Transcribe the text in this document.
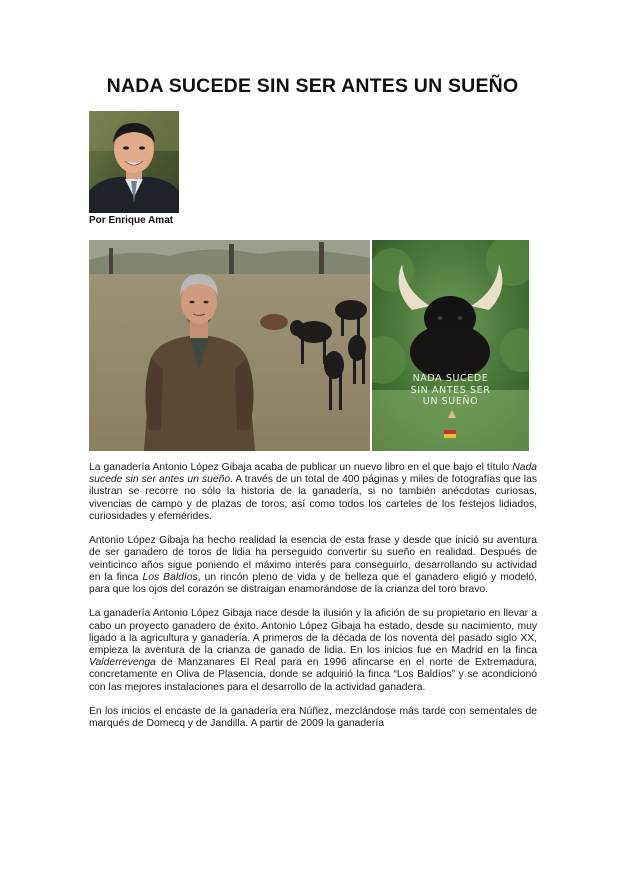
NADA SUCEDE SIN SER ANTES UN SUEÑO
Por Enrique Amat
NADA SUCEDE
SIN ANTES SER
UN SUEÑO

La ganadería Antonio López Gibaja acaba de publicar un nuevo libro en el que bajo el título Nada sucede sin ser antes un sueño. A través de un total de 400 páginas y miles de fotografías que las ilustran se recorre no sólo la historia de la ganadería, si no también anécdotas curiosas, vivencias de campo y de plazas de toros, así como todos los carteles de los festejos lidiados, curiosidades y efemérides.

Antonio López Gibaja ha hecho realidad la esencia de esta frase y desde que inició su aventura de ser ganadero de toros de lidia ha perseguido convertir su sueño en realidad. Después de veinticinco años sigue poniendo el máximo interés para conseguirlo, desarrollando su actividad en la finca Los Baldíos, un rincón pleno de vida y de belleza que el ganadero eligió y modeló, para que los ojos del corazón se distraigan enamorándose de la crianza del toro bravo.

La ganadería Antonio López Gibaja nace desde la ilusión y la afición de su propietario en llevar a cabo un proyecto ganadero de éxito. Antonio López Gibaja ha estado, desde su nacimiento, muy ligado a la agricultura y ganadería. A primeros de la década de los noventa del pasado siglo XX, empieza la aventura de la crianza de ganado de lidia. En los inicios fue en Madrid en la finca Valderrevenga de Manzanares El Real para en 1996 afincarse en el norte de Extremadura, concretamente en Oliva de Plasencia, donde se adquirió la finca “Los Baldíos” y se acondicionó con las mejores instalaciones para el desarrollo de la actividad ganadera.

En los inicios el encaste de la ganadería era Núñez, mezclándose más tarde con sementales de marqués de Domecq y de Jandilla. A partir de 2009 la ganadería
